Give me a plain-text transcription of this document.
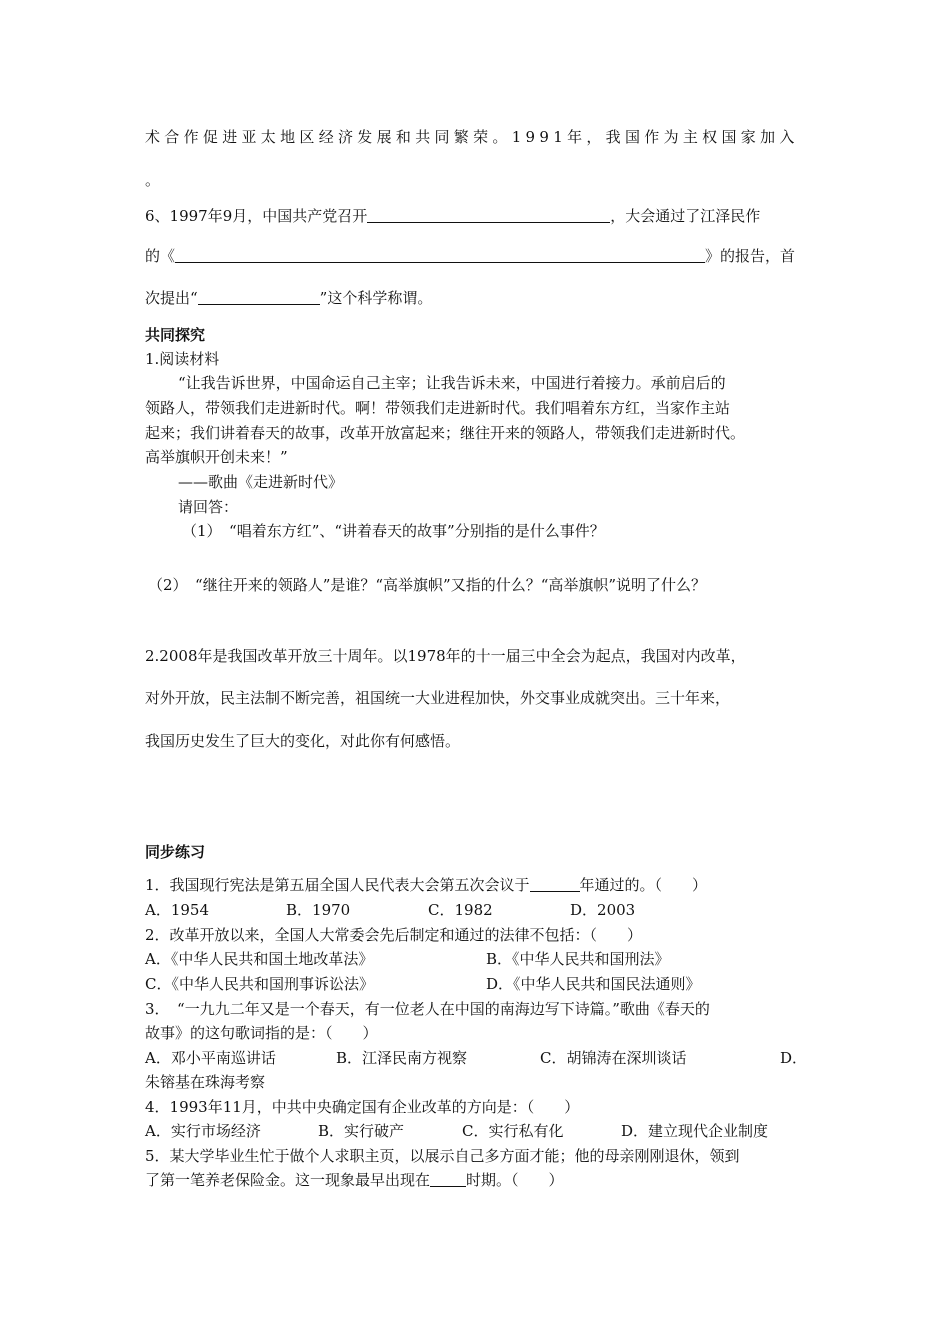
术合作促进亚太地区经济发展和共同繁荣。1991年，我国作为主权国家加入
。
6、1997年9月，中国共产党召开	，大会通过了江泽民作
的《	》的报告，首
次提出“	”这个科学称谓。
共同探究
1.阅读材料
“让我告诉世界，中国命运自己主宰；让我告诉未来，中国进行着接力。承前启后的
领路人，带领我们走进新时代。啊！带领我们走进新时代。我们唱着东方红，当家作主站
起来；我们讲着春天的故事，改革开放富起来；继往开来的领路人，带领我们走进新时代。
高举旗帜开创未来！”
——歌曲《走进新时代》
请回答：
（1）　“唱着东方红”、“讲着春天的故事”分别指的是什么事件？
（2）　“继往开来的领路人”是谁？“高举旗帜”又指的什么？“高举旗帜”说明了什么？
2.2008年是我国改革开放三十周年。以1978年的十一届三中全会为起点，我国对内改革，
对外开放，民主法制不断完善，祖国统一大业进程加快，外交事业成就突出。三十年来，
我国历史发生了巨大的变化，对此你有何感悟。
同步练习
1．我国现行宪法是第五届全国人民代表大会第五次会议于	年通过的。（　　）
A．1954	B．1970	C．1982	D．2003
2．改革开放以来，全国人大常委会先后制定和通过的法律不包括：（　　）
A．《中华人民共和国土地改革法》	B．《中华人民共和国刑法》
C．《中华人民共和国刑事诉讼法》	D．《中华人民共和国民法通则》
3．　“一九九二年又是一个春天，有一位老人在中国的南海边写下诗篇。”歌曲《春天的
故事》的这句歌词指的是：（　　）
A．邓小平南巡讲话	B．江泽民南方视察	C．胡锦涛在深圳谈话	D．
朱镕基在珠海考察
4．1993年11月，中共中央确定国有企业改革的方向是：（　　）
A．实行市场经济	B．实行破产	C．实行私有化	D．建立现代企业制度
5．某大学毕业生忙于做个人求职主页，以展示自己多方面才能；他的母亲刚刚退休，领到
了第一笔养老保险金。这一现象最早出现在 时期。（　　）
